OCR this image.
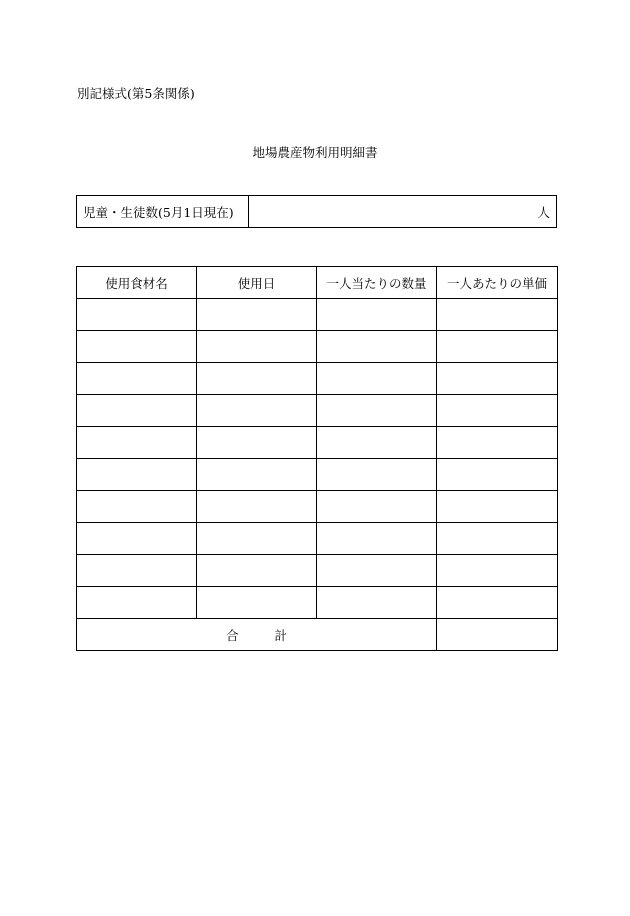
別記様式(第5条関係)
地場農産物利用明細書
児童・生徒数(5月1日現在)	人
使用食材名	使用日	一人当たりの数量	一人あたりの単価

合 計			
